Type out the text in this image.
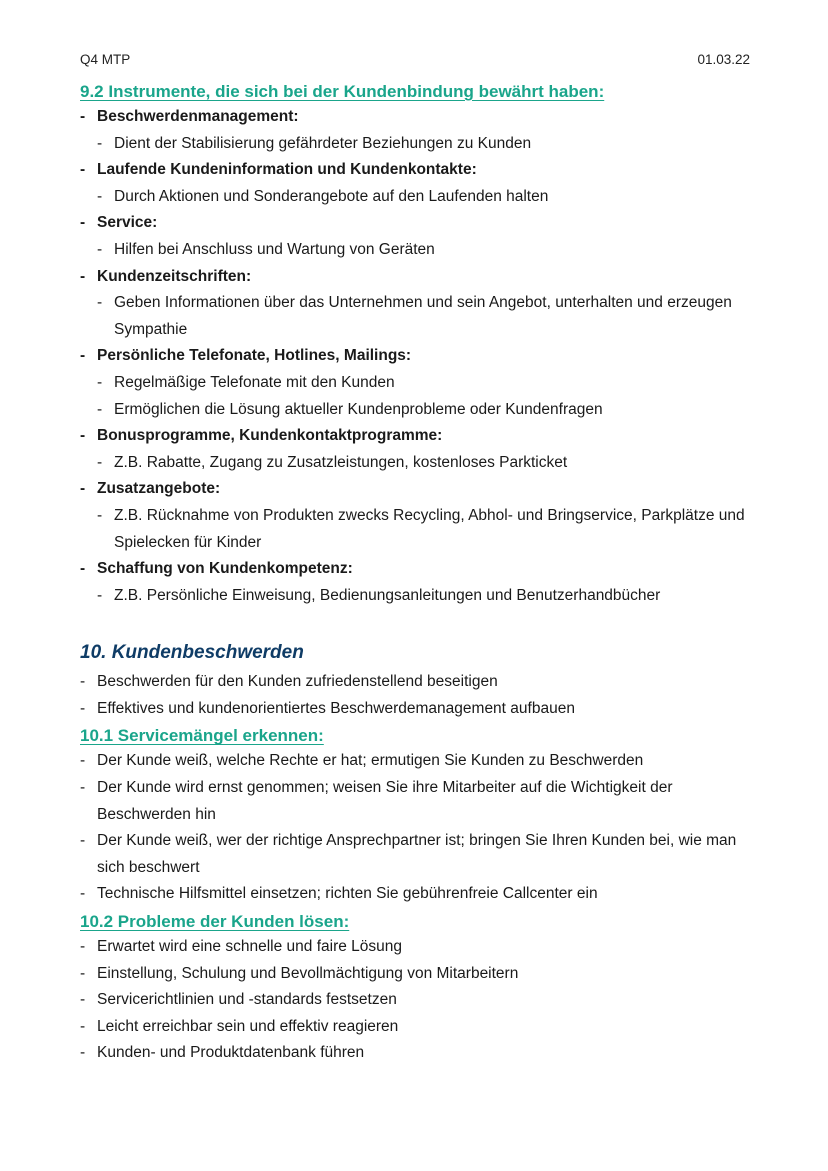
Q4 MTP	01.03.22
9.2 Instrumente, die sich bei der Kundenbindung bewährt haben:
- Beschwerdenmanagement:
- Dient der Stabilisierung gefährdeter Beziehungen zu Kunden
- Laufende Kundeninformation und Kundenkontakte:
- Durch Aktionen und Sonderangebote auf den Laufenden halten
- Service:
- Hilfen bei Anschluss und Wartung von Geräten
- Kundenzeitschriften:
- Geben Informationen über das Unternehmen und sein Angebot, unterhalten und erzeugen Sympathie
- Persönliche Telefonate, Hotlines, Mailings:
- Regelmäßige Telefonate mit den Kunden
- Ermöglichen die Lösung aktueller Kundenprobleme oder Kundenfragen
- Bonusprogramme, Kundenkontaktprogramme:
- Z.B. Rabatte, Zugang zu Zusatzleistungen, kostenloses Parkticket
- Zusatzangebote:
- Z.B. Rücknahme von Produkten zwecks Recycling, Abhol- und Bringservice, Parkplätze und Spielecken für Kinder
- Schaffung von Kundenkompetenz:
- Z.B. Persönliche Einweisung, Bedienungsanleitungen und Benutzerhandbücher
10. Kundenbeschwerden
- Beschwerden für den Kunden zufriedenstellend beseitigen
- Effektives und kundenorientiertes Beschwerdemanagement aufbauen
10.1 Servicemängel erkennen:
- Der Kunde weiß, welche Rechte er hat; ermutigen Sie Kunden zu Beschwerden
- Der Kunde wird ernst genommen; weisen Sie ihre Mitarbeiter auf die Wichtigkeit der Beschwerden hin
- Der Kunde weiß, wer der richtige Ansprechpartner ist; bringen Sie Ihren Kunden bei, wie man sich beschwert
- Technische Hilfsmittel einsetzen; richten Sie gebührenfreie Callcenter ein
10.2 Probleme der Kunden lösen:
- Erwartet wird eine schnelle und faire Lösung
- Einstellung, Schulung und Bevollmächtigung von Mitarbeitern
- Servicerichtlinien und -standards festsetzen
- Leicht erreichbar sein und effektiv reagieren
- Kunden- und Produktdatenbank führen
